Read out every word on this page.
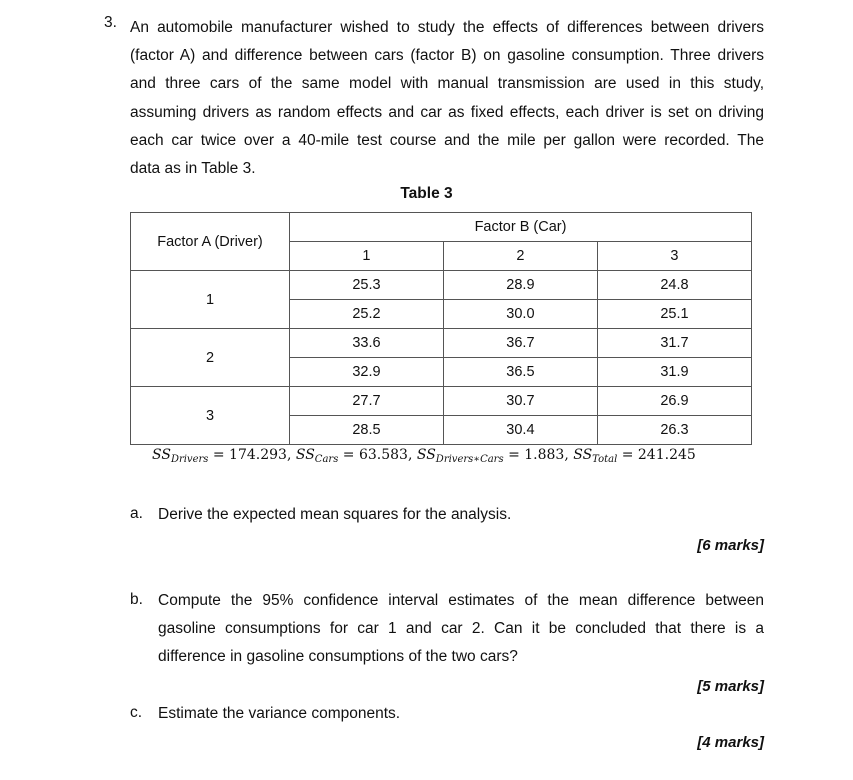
3. An automobile manufacturer wished to study the effects of differences between drivers
(factor A) and difference between cars (factor B) on gasoline consumption. Three drivers
and three cars of the same model with manual transmission are used in this study,
assuming drivers as random effects and car as fixed effects, each driver is set on driving
each car twice over a 40-mile test course and the mile per gallon were recorded. The
data as in Table 3.
Table 3
Factor A (Driver)	Factor B (Car)		
	1	2	3
1	25.3	28.9	24.8
	25.2	30.0	25.1
2	33.6	36.7	31.7
	32.9	36.5	31.9
3	27.7	30.7	26.9
	28.5	30.4	26.3
$SS_{Drivers} = 174.293$, $SS_{Cars} = 63.583$, $SS_{Drivers∗Cars} = 1.883$, $SS_{Total} = 241.245$
a. Derive the expected mean squares for the analysis.
[6 marks]
b. Compute the 95% confidence interval estimates of the mean difference between
gasoline consumptions for car 1 and car 2. Can it be concluded that there is a
difference in gasoline consumptions of the two cars?
[5 marks]
c. Estimate the variance components.
[4 marks]
